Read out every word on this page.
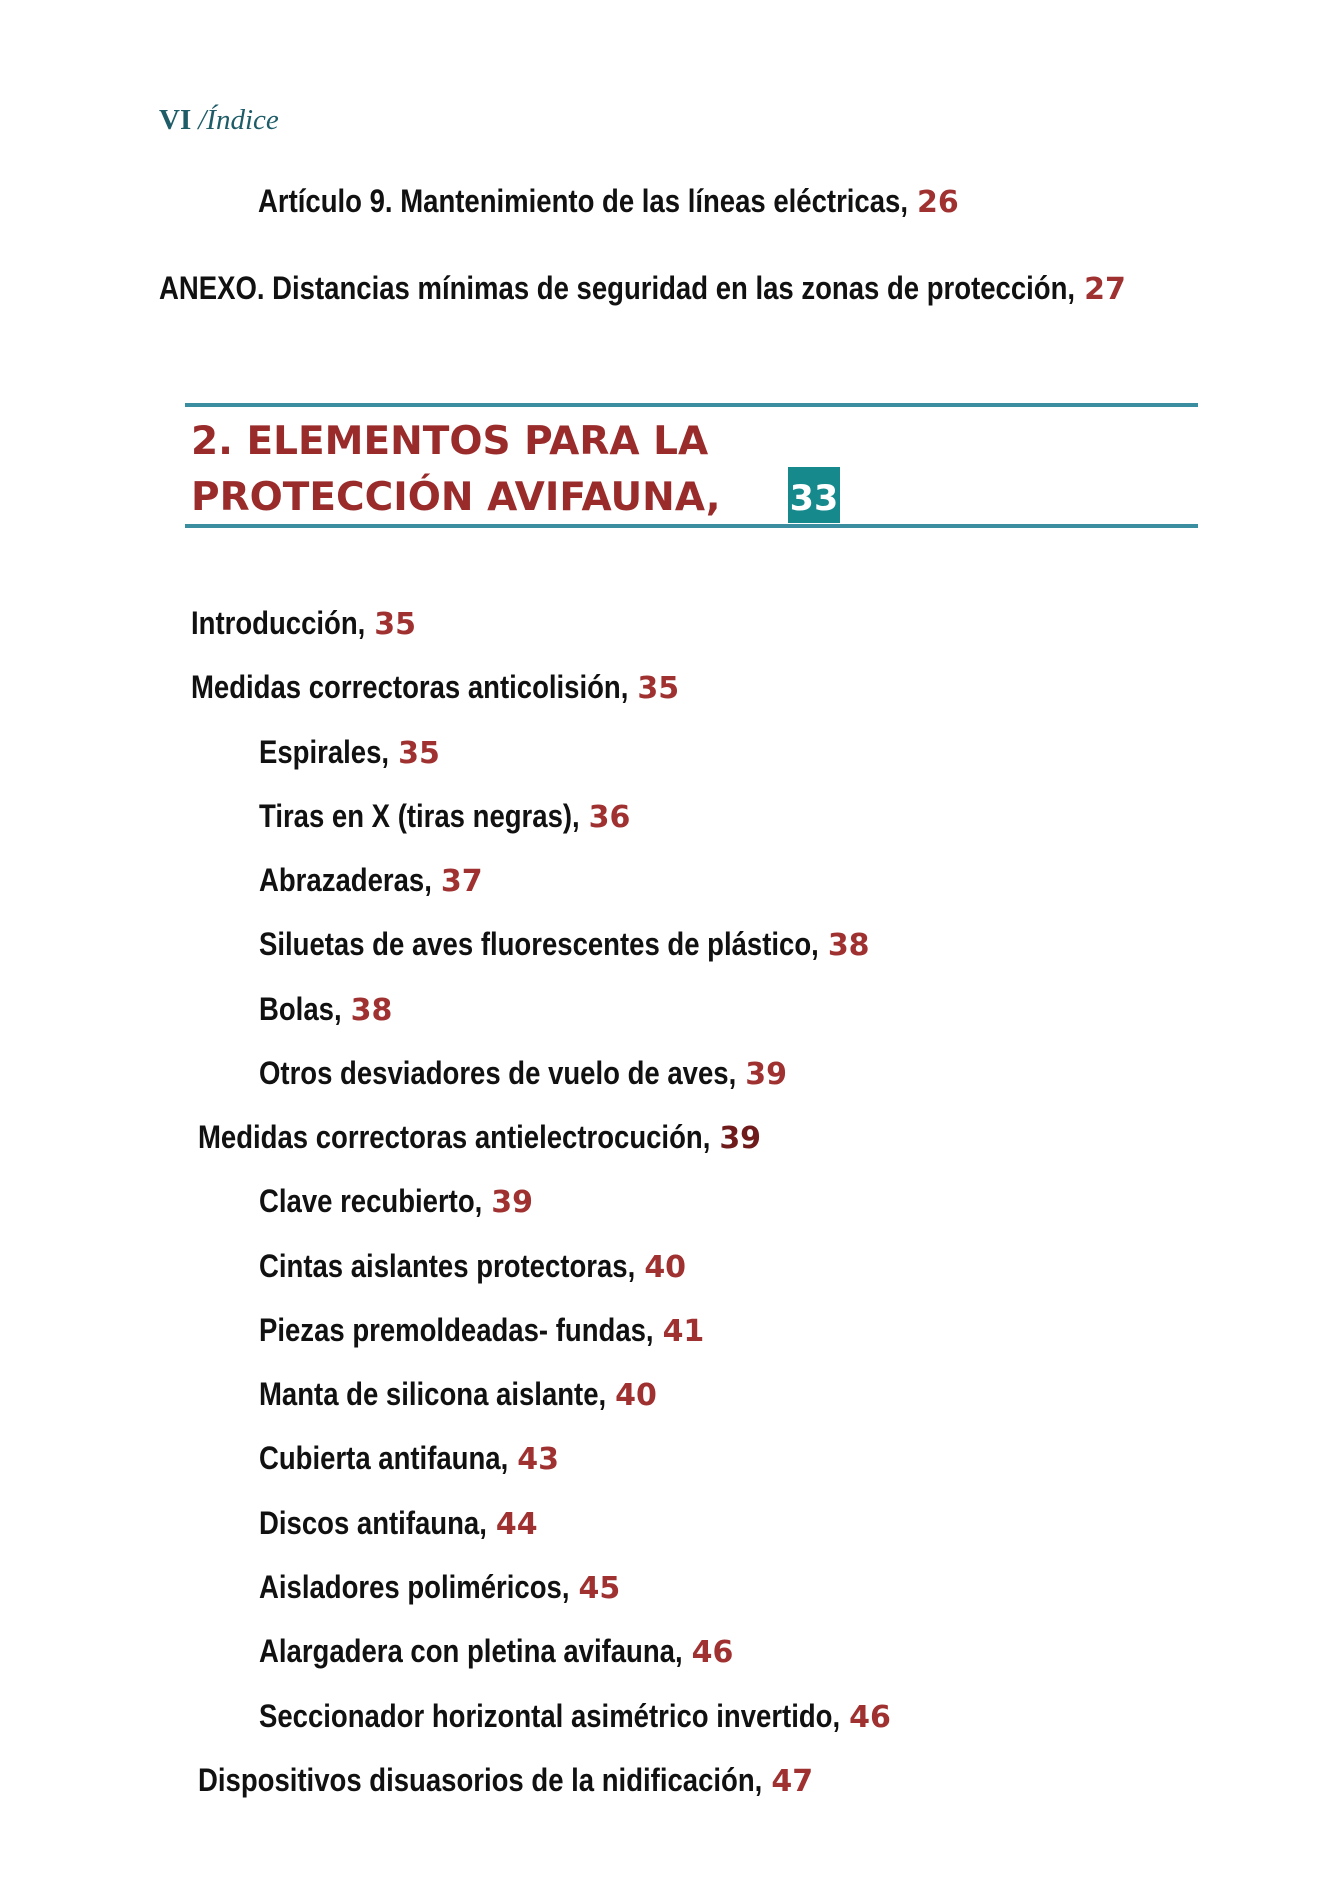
VI /Índice
Artículo 9. Mantenimiento de las líneas eléctricas, 26
ANEXO. Distancias mínimas de seguridad en las zonas de protección, 27
2. ELEMENTOS PARA LA
PROTECCIÓN AVIFAUNA, 33
Introducción, 35
Medidas correctoras anticolisión, 35
Espirales, 35
Tiras en X (tiras negras), 36
Abrazaderas, 37
Siluetas de aves fluorescentes de plástico, 38
Bolas, 38
Otros desviadores de vuelo de aves, 39
Medidas correctoras antielectrocución, 39
Clave recubierto, 39
Cintas aislantes protectoras, 40
Piezas premoldeadas- fundas, 41
Manta de silicona aislante, 40
Cubierta antifauna, 43
Discos antifauna, 44
Aisladores poliméricos, 45
Alargadera con pletina avifauna, 46
Seccionador horizontal asimétrico invertido, 46
Dispositivos disuasorios de la nidificación, 47
